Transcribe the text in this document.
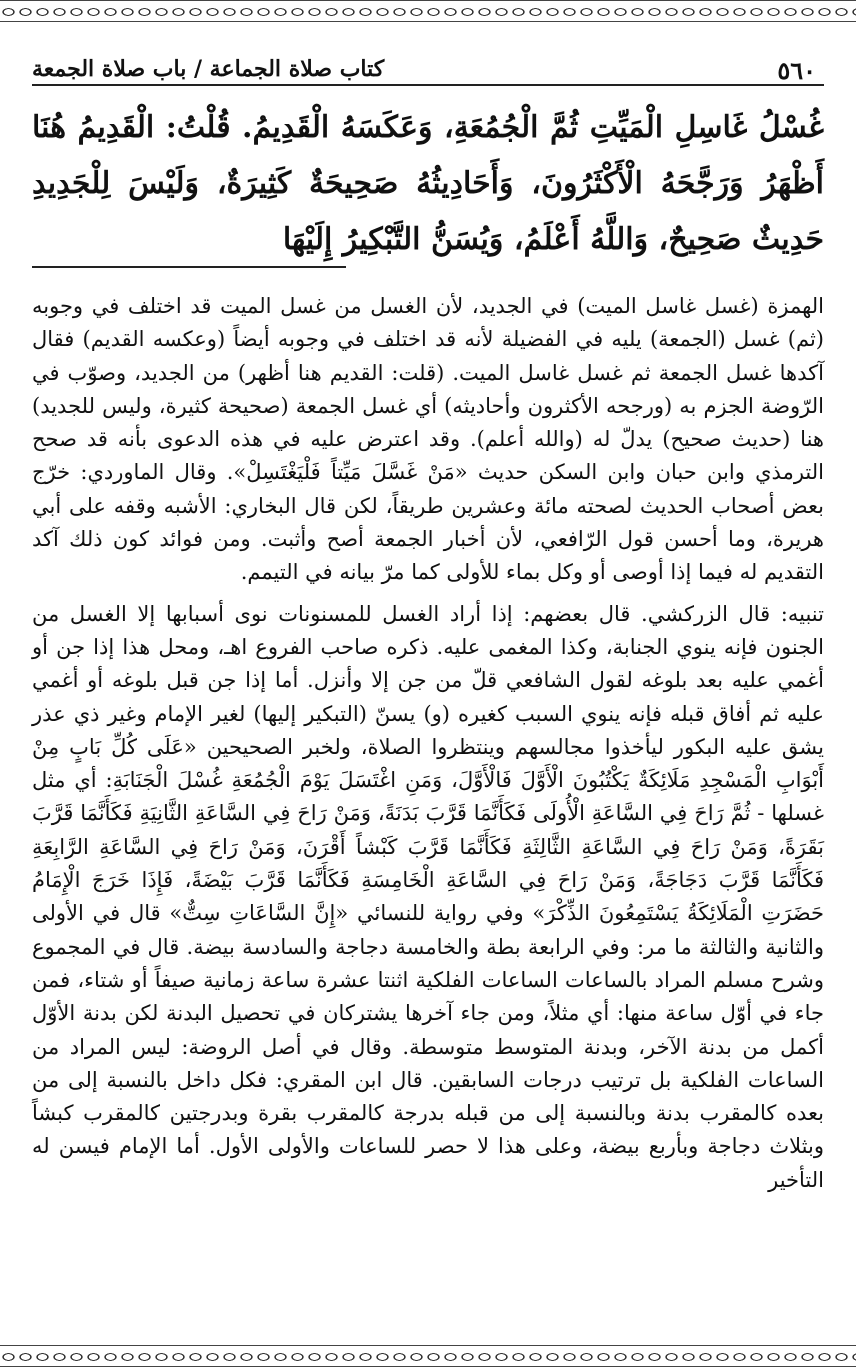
٥٦٠
كتاب صلاة الجماعة / باب صلاة الجمعة

غُسْلُ غَاسِلِ الْمَيِّتِ ثُمَّ الْجُمُعَةِ، وَعَكَسَهُ الْقَدِيمُ. قُلْتُ: الْقَدِيمُ هُنَا أَظْهَرُ وَرَجَّحَهُ الْأَكْثَرُونَ، وَأَحَادِيثُهُ صَحِيحَةٌ كَثِيرَةٌ، وَلَيْسَ لِلْجَدِيدِ حَدِيثٌ صَحِيحٌ، وَاللَّهُ أَعْلَمُ، وَيُسَنُّ التَّبْكِيرُ إِلَيْهَا

الهمزة (غسل غاسل الميت) في الجديد، لأن الغسل من غسل الميت قد اختلف في وجوبه (ثم) غسل (الجمعة) يليه في الفضيلة لأنه قد اختلف في وجوبه أيضاً (وعكسه القديم) فقال آكدها غسل الجمعة ثم غسل غاسل الميت. (قلت: القديم هنا أظهر) من الجديد، وصوّب في الرّوضة الجزم به (ورجحه الأكثرون وأحاديثه) أي غسل الجمعة (صحيحة كثيرة، وليس للجديد) هنا (حديث صحيح) يدلّ له (والله أعلم). وقد اعترض عليه في هذه الدعوى بأنه قد صحح الترمذي وابن حبان وابن السكن حديث «مَنْ غَسَّلَ مَيِّتاً فَلْيَغْتَسِلْ». وقال الماوردي: خرّج بعض أصحاب الحديث لصحته مائة وعشرين طريقاً، لكن قال البخاري: الأشبه وقفه على أبي هريرة، وما أحسن قول الرّافعي، لأن أخبار الجمعة أصح وأثبت. ومن فوائد كون ذلك آكد التقديم له فيما إذا أوصى أو وكل بماء للأولى كما مرّ بيانه في التيمم.

تنبيه: قال الزركشي. قال بعضهم: إذا أراد الغسل للمسنونات نوى أسبابها إلا الغسل من الجنون فإنه ينوي الجنابة، وكذا المغمى عليه. ذكره صاحب الفروع اهـ، ومحل هذا إذا جن أو أغمي عليه بعد بلوغه لقول الشافعي قلّ من جن إلا وأنزل. أما إذا جن قبل بلوغه أو أغمي عليه ثم أفاق قبله فإنه ينوي السبب كغيره (و) يسنّ (التبكير إليها) لغير الإمام وغير ذي عذر يشق عليه البكور ليأخذوا مجالسهم وينتظروا الصلاة، ولخبر الصحيحين «عَلَى كُلِّ بَابٍ مِنْ أَبْوَابِ الْمَسْجِدِ مَلَائِكَةٌ يَكْتُبُونَ الْأَوَّلَ فَالْأَوَّلَ، وَمَنِ اغْتَسَلَ يَوْمَ الْجُمُعَةِ غُسْلَ الْجَنَابَةِ: أي مثل غسلها - ثُمَّ رَاحَ فِي السَّاعَةِ الْأُولَى فَكَأَنَّمَا قَرَّبَ بَدَنَةً، وَمَنْ رَاحَ فِي السَّاعَةِ الثَّانِيَةِ فَكَأَنَّمَا قَرَّبَ بَقَرَةً، وَمَنْ رَاحَ فِي السَّاعَةِ الثَّالِثَةِ فَكَأَنَّمَا قَرَّبَ كَبْشاً أَقْرَنَ، وَمَنْ رَاحَ فِي السَّاعَةِ الرَّابِعَةِ فَكَأَنَّمَا قَرَّبَ دَجَاجَةً، وَمَنْ رَاحَ فِي السَّاعَةِ الْخَامِسَةِ فَكَأَنَّمَا قَرَّبَ بَيْضَةً، فَإِذَا خَرَجَ الْإِمَامُ حَضَرَتِ الْمَلَائِكَةُ يَسْتَمِعُونَ الذِّكْرَ» وفي رواية للنسائي «إِنَّ السَّاعَاتِ سِتٌّ» قال في الأولى والثانية والثالثة ما مر: وفي الرابعة بطة والخامسة دجاجة والسادسة بيضة. قال في المجموع وشرح مسلم المراد بالساعات الساعات الفلكية اثنتا عشرة ساعة زمانية صيفاً أو شتاء، فمن جاء في أوّل ساعة منها: أي مثلاً، ومن جاء آخرها يشتركان في تحصيل البدنة لكن بدنة الأوّل أكمل من بدنة الآخر، وبدنة المتوسط متوسطة. وقال في أصل الروضة: ليس المراد من الساعات الفلكية بل ترتيب درجات السابقين. قال ابن المقري: فكل داخل بالنسبة إلى من بعده كالمقرب بدنة وبالنسبة إلى من قبله بدرجة كالمقرب بقرة وبدرجتين كالمقرب كبشاً وبثلاث دجاجة وبأربع بيضة، وعلى هذا لا حصر للساعات والأولى الأول. أما الإمام فيسن له التأخير
